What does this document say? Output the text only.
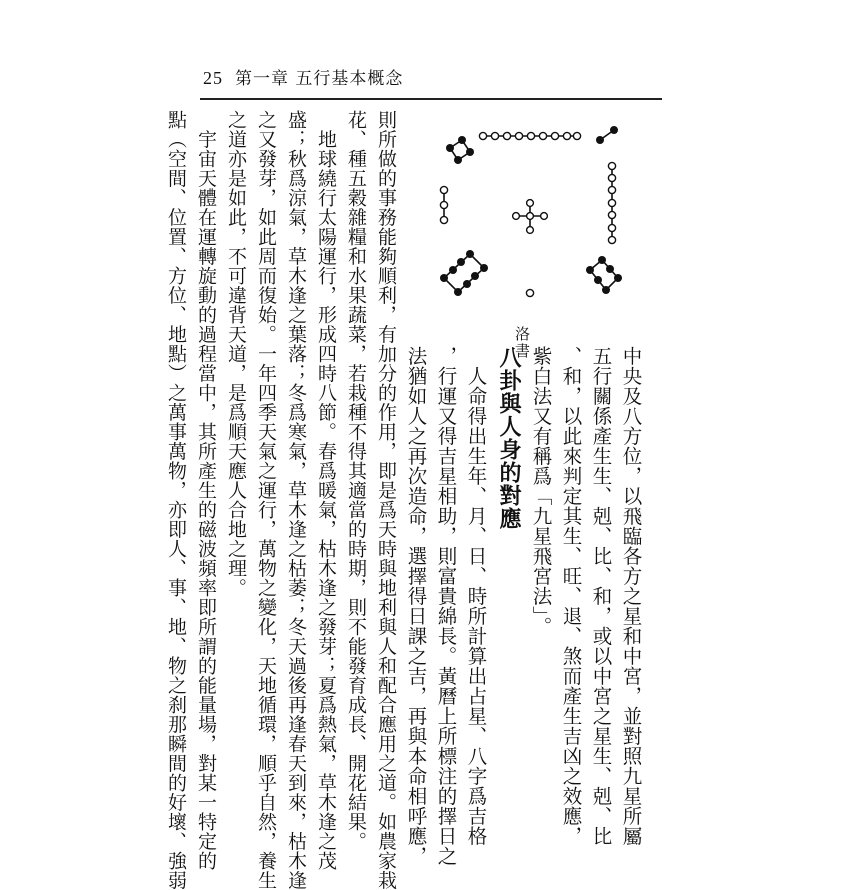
25 第一章 五行基本概念
洛書
中央及八方位，以飛臨各方之星和中宮，並對照九星所屬
五行關係產生生、剋、比、和，或以中宮之星生、剋、比
、和，以此來判定其生、旺、退、煞而產生吉凶之效應，
紫白法又有稱爲「九星飛宮法」。
八卦與人身的對應
　人命得出生年、月、日、時所計算出占星、八字爲吉格
，行運又得吉星相助，則富貴綿長。黃曆上所標注的擇日之
法猶如人之再次造命，選擇得日課之吉，再與本命相呼應，
則所做的事務能夠順利，有加分的作用，即是爲天時與地利與人和配合應用之道。如農家栽
花、種五穀雜糧和水果蔬菜，若栽種不得其適當的時期，則不能發育成長、開花結果。
　地球繞行太陽運行，形成四時八節。春爲暖氣，枯木逢之發芽；夏爲熱氣，草木逢之茂
盛；秋爲涼氣，草木逢之葉落；冬爲寒氣，草木逢之枯萎；冬天過後再逢春天到來，枯木逢
之又發芽，如此周而復始。一年四季天氣之運行，萬物之變化，天地循環，順乎自然，養生
之道亦是如此，不可違背天道，是爲順天應人合地之理。
　宇宙天體在運轉旋動的過程當中，其所產生的磁波頻率即所謂的能量場，對某一特定的
點（空間、位置、方位、地點）之萬事萬物，亦即人、事、地、物之刹那瞬間的好壞、強弱
